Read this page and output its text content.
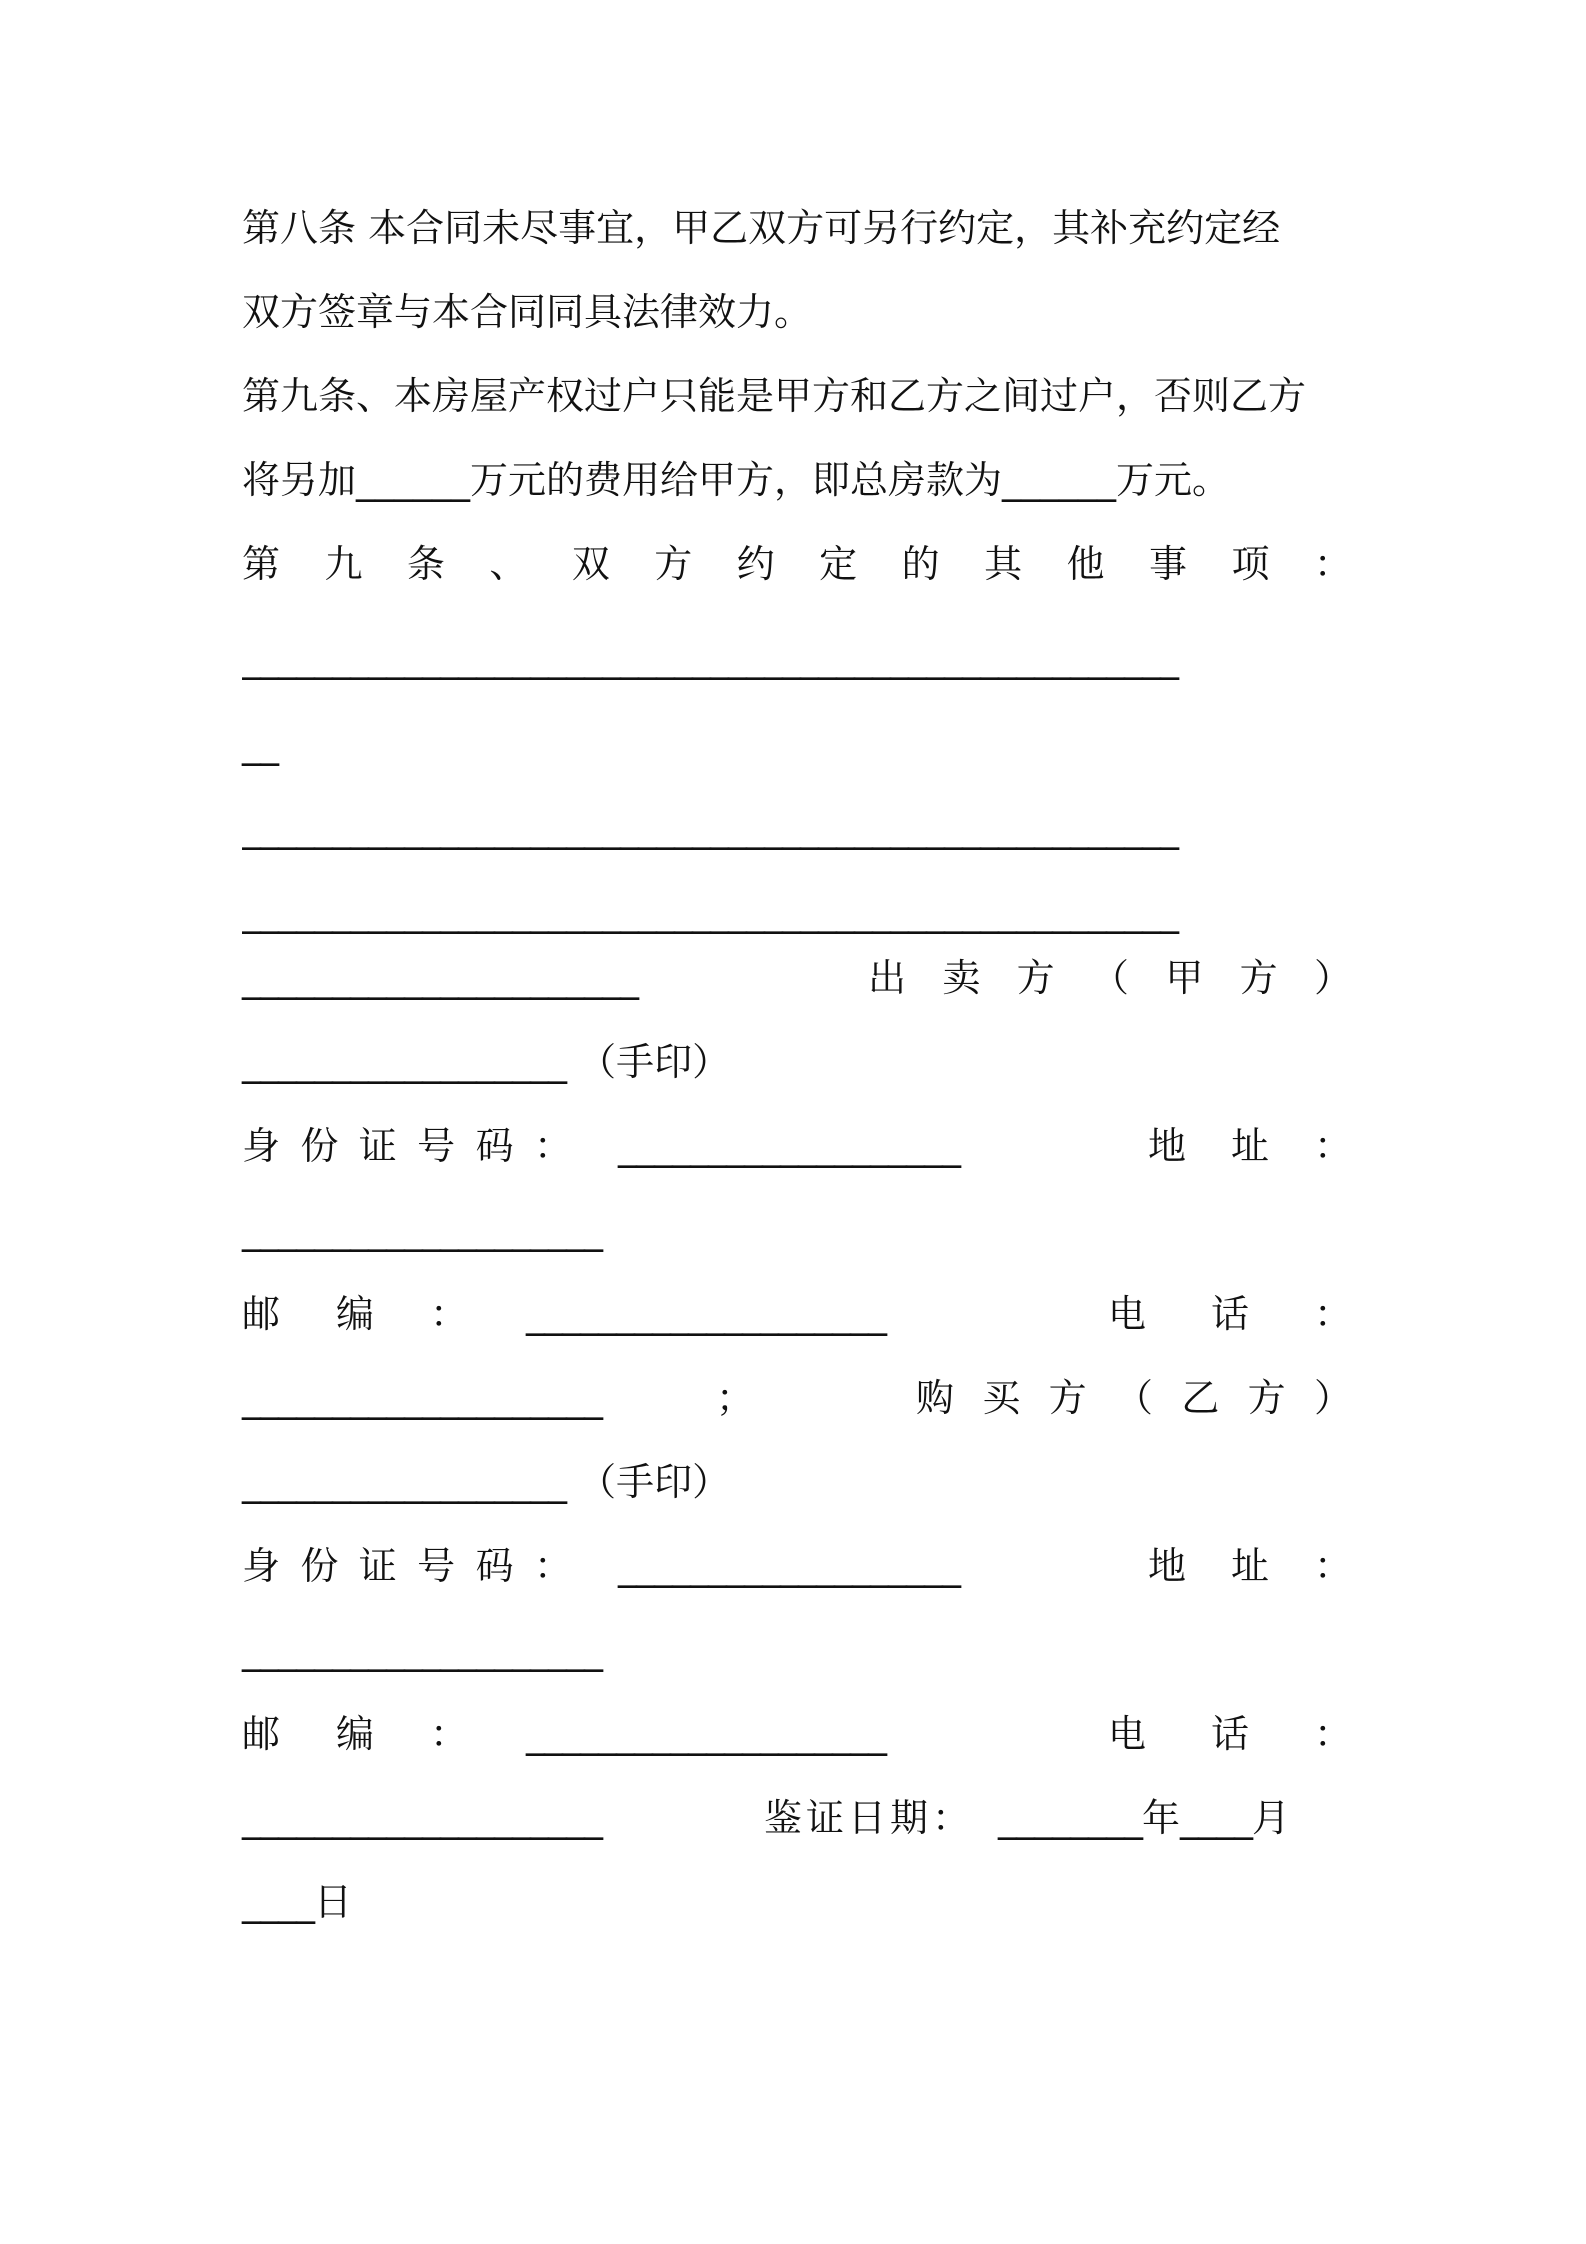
第八条 本合同未尽事宜，甲乙双方可另行约定，其补充约定经
双方签章与本合同同具法律效力。
第九条、本房屋产权过户只能是甲方和乙方之间过户，否则乙方
将另加______万元的费用给甲方，即总房款为______万元。
第 九 条 、 双 方 约 定 的 其 他 事 项 ：
____________________________________________________
__
____________________________________________________
____________________________________________________
______________________	出 卖 方 （ 甲 方 ）
__________________ （手印）
身 份 证 号 码 ： ___________________	地 址 ：
____________________
邮 编 ： ____________________	电 话 ：
____________________	；	购 买 方 （ 乙 方 ）
__________________ （手印）
身 份 证 号 码 ： ___________________	地 址 ：
____________________
邮 编 ： ____________________	电 话 ：
____________________	鉴证日期： ________年____月
____日
